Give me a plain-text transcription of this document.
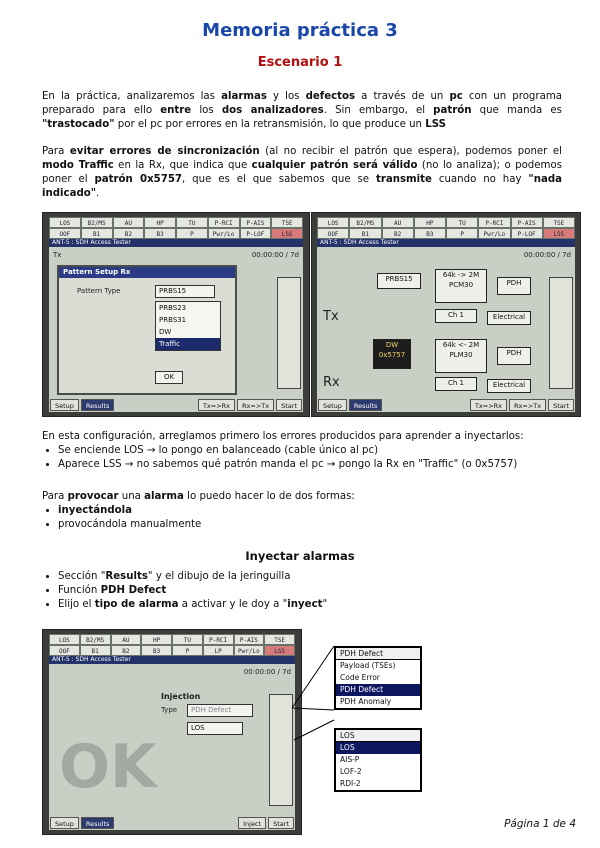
Memoria práctica 3
Escenario 1

En la práctica, analizaremos las alarmas y los defectos a través de un pc con un programa preparado para ello entre los dos analizadores. Sin embargo, el patrón que manda es "trastocado" por el pc por errores en la retransmisión, lo que produce un LSS

Para evitar errores de sincronización (al no recibir el patrón que espera), podemos poner el modo Traffic en la Rx, que indica que cualquier patrón será válido (no lo analiza); o podemos poner el patrón 0x5757, que es el que sabemos que se transmite cuando no hay "nada indicado".

LOS	B2/MS	AU	HP	TU	P-RCI	P-AIS	TSE
OOF	B1	B2	B3	P	Pwr/Lo	P-LOF	LSS
ANT-5 : SDH Access Tester
Tx	00:00:00 / 7d
Pattern Setup Rx
Pattern Type	PRBS15
PRBS23
PRBS31
DW
Traffic
OK
Setup	Results	Tx=>Rx	Rx=>Tx	Start
LOS	B2/MS	AU	HP	TU	P-RCI	P-AIS	TSE
OOF	B1	B2	B3	P	Pwr/Lo	P-LOF	LSS
ANT-5 : SDH Access Tester
00:00:00 / 7d
Tx
Rx
PRBS15	64k -> 2M PCM30	PDH
Ch 1	Electrical
DW 0x5757
64k <- 2M PLM30	PDH
Ch 1	Electrical
Setup	Results	Tx=>Rx	Rx=>Tx	Start

En esta configuración, arreglamos primero los errores producidos para aprender a inyectarlos:

• Se enciende LOS → lo pongo en balanceado (cable único al pc)
• Aparece LSS → no sabemos qué patrón manda el pc → pongo la Rx en "Traffic" (o 0x5757)

Para provocar una alarma lo puedo hacer lo de dos formas:

• inyectándola
• provocándola manualmente
Inyectar alarmas
• Sección "Results" y el dibujo de la jeringuilla
• Función PDH Defect
• Elijo el tipo de alarma a activar y le doy a "inyect"
LOS	B2/MS	AU	HP	TU	P-RCI	P-AIS	TSE
OOF	B1	B2	B3	P	LP	Pwr/Lo	LSS
ANT-5 : SDH Access Tester
00:00:00 / 7d
Injection
Type	PDH Defect
LOS
OK
Setup	Results	Inject	Start
PDH Defect
Payload (TSEs)
Code Error
PDH Defect
PDH Anomaly
LOS
LOS
AIS-P
LOF-2
RDI-2
Página 1 de 4
